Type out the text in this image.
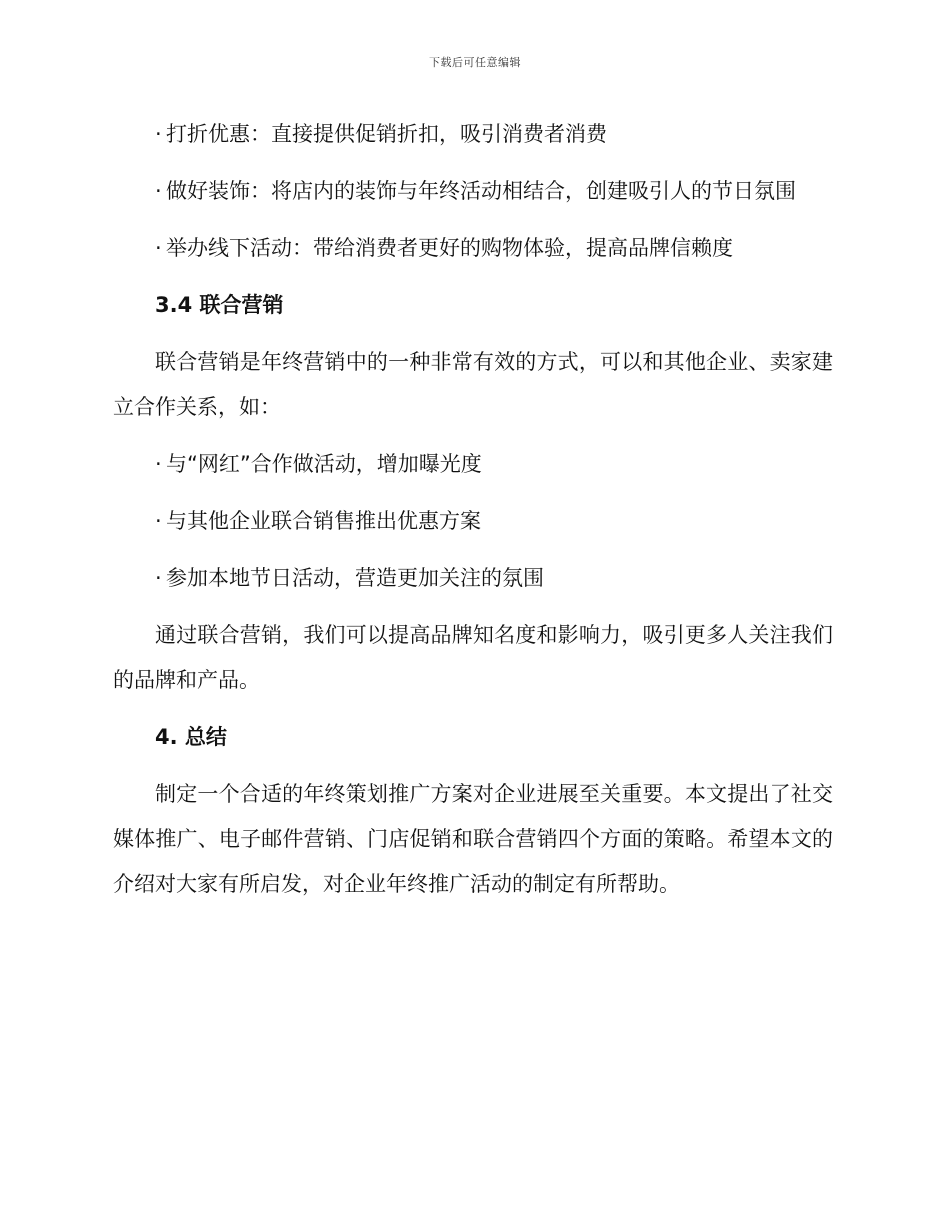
下载后可任意编辑
· 打折优惠：直接提供促销折扣，吸引消费者消费
· 做好装饰：将店内的装饰与年终活动相结合，创建吸引人的节日氛围
· 举办线下活动：带给消费者更好的购物体验，提高品牌信赖度
3.4 联合营销

联合营销是年终营销中的一种非常有效的方式，可以和其他企业、卖家建立合作关系，如：

· 与“网红”合作做活动，增加曝光度
· 与其他企业联合销售推出优惠方案
· 参加本地节日活动，营造更加关注的氛围

通过联合营销，我们可以提高品牌知名度和影响力，吸引更多人关注我们的品牌和产品。

4. 总结

制定一个合适的年终策划推广方案对企业进展至关重要。本文提出了社交媒体推广、电子邮件营销、门店促销和联合营销四个方面的策略。希望本文的介绍对大家有所启发，对企业年终推广活动的制定有所帮助。
